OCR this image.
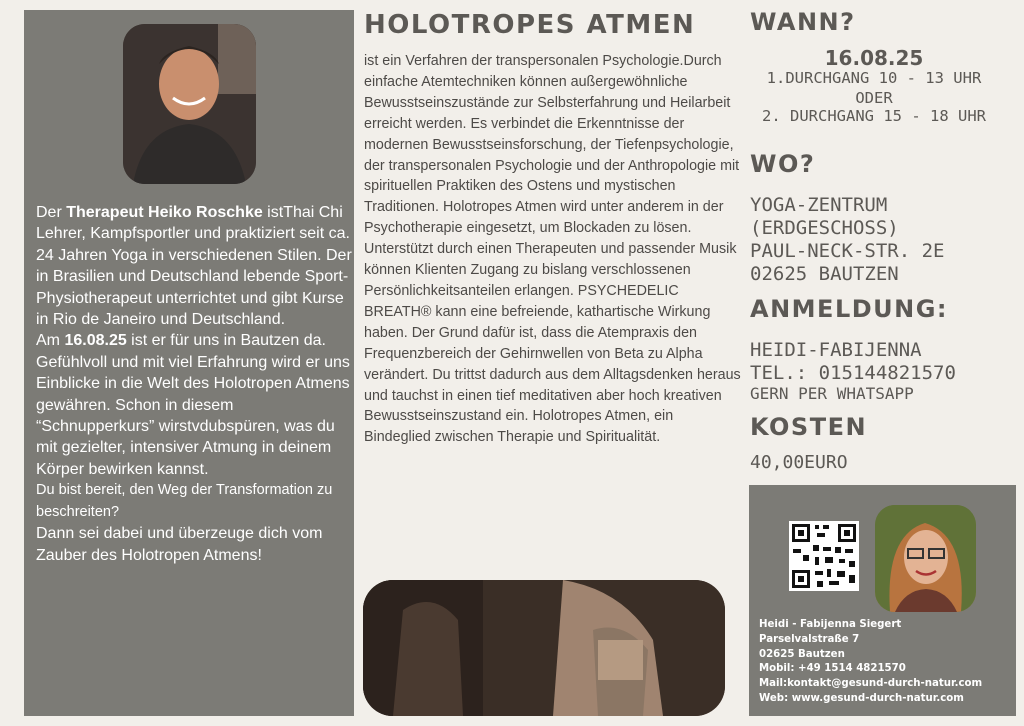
Der Therapeut Heiko Roschke istThai Chi Lehrer, Kampfsportler und praktiziert seit ca. 24 Jahren Yoga in verschiedenen Stilen. Der in Brasilien und Deutschland lebende Sport-Physiotherapeut unterrichtet und gibt Kurse in Rio de Janeiro und Deutschland.

Am 16.08.25 ist er für uns in Bautzen da. Gefühlvoll und mit viel Erfahrung wird er uns Einblicke in die Welt des Holotropen Atmens gewähren. Schon in diesem “Schnupperkurs” wirstvdubspüren, was du mit gezielter, intensiver Atmung in deinem Körper bewirken kannst.

Du bist bereit, den Weg der Transformation zu beschreiten?

Dann sei dabei und überzeuge dich vom Zauber des Holotropen Atmens!

HOLOTROPES ATMEN
ist ein Verfahren der transpersonalen Psychologie.Durch einfache Atemtechniken können außergewöhnliche Bewusstseinszustände zur Selbsterfahrung und Heilarbeit erreicht werden. Es verbindet die Erkenntnisse der modernen Bewusstseinsforschung, der Tiefenpsychologie, der transpersonalen Psychologie und der Anthropologie mit spirituellen Praktiken des Ostens und mystischen Traditionen. Holotropes Atmen wird unter anderem in der Psychotherapie eingesetzt, um Blockaden zu lösen. Unterstützt durch einen Therapeuten und passender Musik können Klienten Zugang zu bislang verschlossenen Persönlichkeitsanteilen erlangen. PSYCHEDELIC BREATH® kann eine befreiende, kathartische Wirkung haben. Der Grund dafür ist, dass die Atempraxis den Frequenzbereich der Gehirnwellen von Beta zu Alpha verändert. Du trittst dadurch aus dem Alltagsdenken heraus und tauchst in einen tief meditativen aber hoch kreativen Bewusstseinszustand ein. Holotropes Atmen, ein Bindeglied zwischen Therapie und Spiritualität.
WANN?
16.08.25
1.DURCHGANG 10 - 13 UHR
ODER
2. DURCHGANG 15 - 18 UHR
WO?
YOGA-ZENTRUM
(ERDGESCHOSS)
PAUL-NECK-STR. 2E
02625 BAUTZEN
ANMELDUNG:
HEIDI-FABIJENNA
TEL.: 015144821570
GERN PER WHATSAPP
KOSTEN
40,00EURO
Heidi - Fabijenna Siegert
Parselvalstraße 7
02625 Bautzen
Mobil: +49 1514 4821570
Mail:kontakt@gesund-durch-natur.com
Web: www.gesund-durch-natur.com
